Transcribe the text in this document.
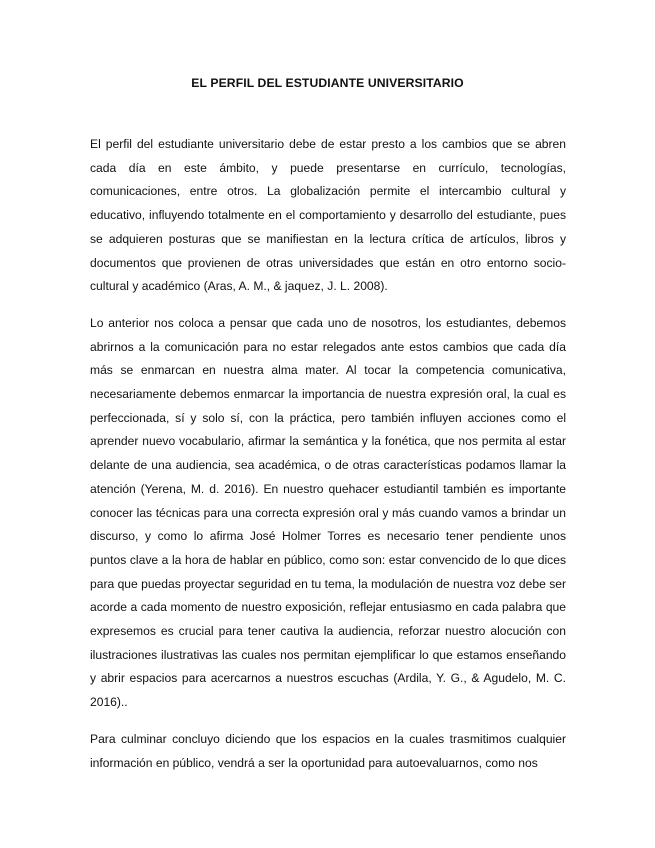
EL PERFIL DEL ESTUDIANTE UNIVERSITARIO

El perfil del estudiante universitario debe de estar presto a los cambios que se abren cada día en este ámbito, y puede presentarse en currículo, tecnologías, comunicaciones, entre otros. La globalización permite el intercambio cultural y educativo, influyendo totalmente en el comportamiento y desarrollo del estudiante, pues se adquieren posturas que se manifiestan en la lectura crítica de artículos, libros y documentos que provienen de otras universidades que están en otro entorno socio-cultural y académico (Aras, A. M., & jaquez, J. L. 2008).

Lo anterior nos coloca a pensar que cada uno de nosotros, los estudiantes, debemos abrirnos a la comunicación para no estar relegados ante estos cambios que cada día más se enmarcan en nuestra alma mater. Al tocar la competencia comunicativa, necesariamente debemos enmarcar la importancia de nuestra expresión oral, la cual es perfeccionada, sí y solo sí, con la práctica, pero también influyen acciones como el aprender nuevo vocabulario, afirmar la semántica y la fonética, que nos permita al estar delante de una audiencia, sea académica, o de otras características podamos llamar la atención (Yerena, M. d. 2016). En nuestro quehacer estudiantil también es importante conocer las técnicas para una correcta expresión oral y más cuando vamos a brindar un discurso, y como lo afirma José Holmer Torres es necesario tener pendiente unos puntos clave a la hora de hablar en público, como son: estar convencido de lo que dices para que puedas proyectar seguridad en tu tema, la modulación de nuestra voz debe ser acorde a cada momento de nuestro exposición, reflejar entusiasmo en cada palabra que expresemos es crucial para tener cautiva la audiencia, reforzar nuestro alocución con ilustraciones ilustrativas las cuales nos permitan ejemplificar lo que estamos enseñando y abrir espacios para acercarnos a nuestros escuchas (Ardila, Y. G., & Agudelo, M. C. 2016)..

Para culminar concluyo diciendo que los espacios en la cuales trasmitimos cualquier información en público, vendrá a ser la oportunidad para autoevaluarnos, como nos
